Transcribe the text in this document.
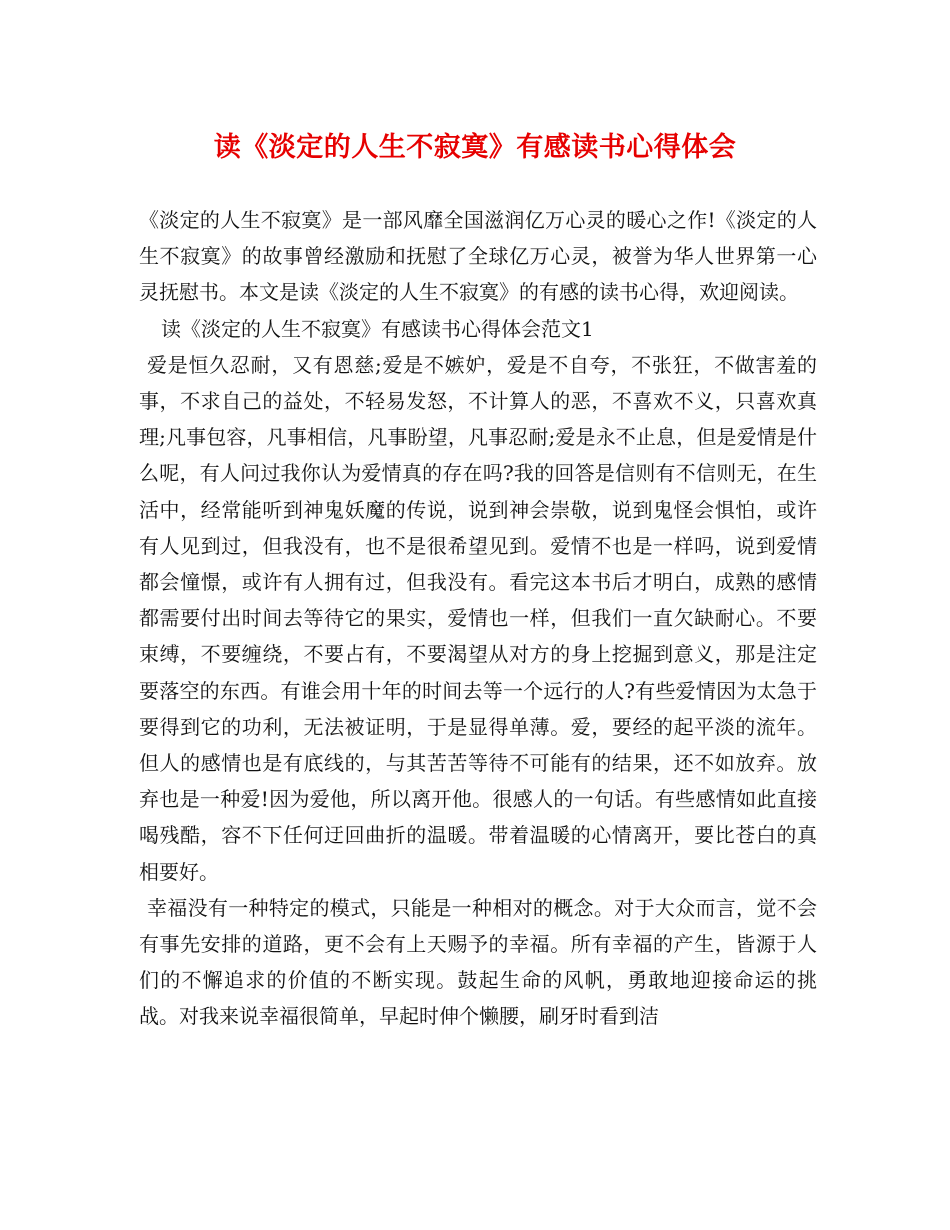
读《淡定的人生不寂寞》有感读书心得体会

《淡定的人生不寂寞》是一部风靡全国滋润亿万心灵的暖心之作!《淡定的人生不寂寞》的故事曾经激励和抚慰了全球亿万心灵，被誉为华人世界第一心灵抚慰书。本文是读《淡定的人生不寂寞》的有感的读书心得，欢迎阅读。

读《淡定的人生不寂寞》有感读书心得体会范文1

爱是恒久忍耐，又有恩慈;爱是不嫉妒，爱是不自夸，不张狂，不做害羞的事，不求自己的益处，不轻易发怒，不计算人的恶，不喜欢不义，只喜欢真理;凡事包容，凡事相信，凡事盼望，凡事忍耐;爱是永不止息，但是爱情是什么呢，有人问过我你认为爱情真的存在吗?我的回答是信则有不信则无，在生活中，经常能听到神鬼妖魔的传说，说到神会崇敬，说到鬼怪会惧怕，或许有人见到过，但我没有，也不是很希望见到。爱情不也是一样吗，说到爱情都会憧憬，或许有人拥有过，但我没有。看完这本书后才明白，成熟的感情都需要付出时间去等待它的果实，爱情也一样，但我们一直欠缺耐心。不要束缚，不要缠绕，不要占有，不要渴望从对方的身上挖掘到意义，那是注定要落空的东西。有谁会用十年的时间去等一个远行的人?有些爱情因为太急于要得到它的功利，无法被证明，于是显得单薄。爱，要经的起平淡的流年。但人的感情也是有底线的，与其苦苦等待不可能有的结果，还不如放弃。放弃也是一种爱!因为爱他，所以离开他。很感人的一句话。有些感情如此直接喝残酷，容不下任何迂回曲折的温暖。带着温暖的心情离开，要比苍白的真相要好。

幸福没有一种特定的模式，只能是一种相对的概念。对于大众而言，觉不会有事先安排的道路，更不会有上天赐予的幸福。所有幸福的产生，皆源于人们的不懈追求的价值的不断实现。鼓起生命的风帆，勇敢地迎接命运的挑战。对我来说幸福很简单，早起时伸个懒腰，刷牙时看到洁
